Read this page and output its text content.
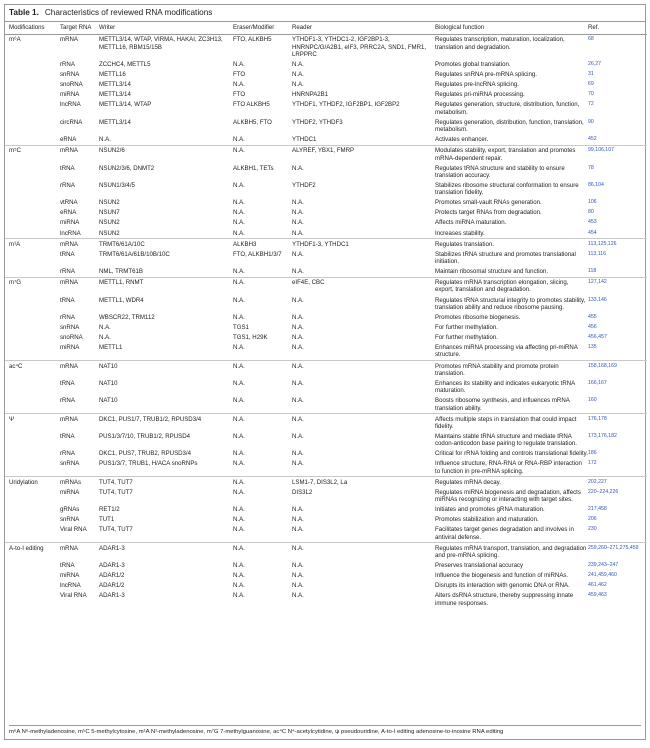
Table 1. Characteristics of reviewed RNA modifications
Modifications	Target RNA	Writer	Eraser/Modifier	Reader	Biological function	Ref.
m⁶A	mRNA	METTL3/14, WTAP, VIRMA, HAKAI, ZC3H13, METTL16, RBM15/15B	FTO, ALKBH5	YTHDF1-3, YTHDC1-2, IGF2BP1-3, HNRNPC/G/A2B1, eIF3, PRRC2A, SND1, FMR1, LRPPRC	Regulates transcription, maturation, localization, translation and degradation.	68
	rRNA	ZCCHC4, METTL5	N.A.	N.A.	Promotes global translation.	26,27
	snRNA	METTL16	FTO	N.A.	Regulates snRNA pre-mRNA splicing.	31
	snoRNA	METTL3/14	N.A.	N.A.	Regulates pre-lncRNA splicing.	69
	miRNA	METTL3/14	FTO	HNRNPA2B1	Regulates pri-miRNA processing.	70
	lncRNA	METTL3/14, WTAP	FTO ALKBH5	YTHDF1, YTHDF2, IGF2BP1, IGF2BP2	Regulates generation, structure, distribution, function, metabolism.	72
	circRNA	METTL3/14	ALKBH5, FTO	YTHDF2, YTHDF3	Regulates generation, distribution, function, translation, metabolism.	90
	eRNA	N.A.	N.A.	YTHDC1	Activates enhancer.	452
m⁵C	mRNA	NSUN2/6	N.A.	ALYREF, YBX1, FMRP	Modulates stability, export, translation and promotes mRNA-dependent repair.	99,106,107
	tRNA	NSUN2/3/6, DNMT2	ALKBH1, TETs	N.A.	Regulates tRNA structure and stability to ensure translation accuracy.	78
	rRNA	NSUN1/3/4/5	N.A.	YTHDF2	Stabilizes ribosome structural conformation to ensure translation fidelity.	86,104
	vtRNA	NSUN2	N.A.	N.A.	Promotes small-vault RNAs generation.	106
	eRNA	NSUN7	N.A.	N.A.	Protects target RNAs from degradation.	80
	miRNA	NSUN2	N.A.	N.A.	Affects miRNA maturation.	453
	lncRNA	NSUN2	N.A.	N.A.	Increases stability.	454
m¹A	mRNA	TRMT6/61A/10C	ALKBH3	YTHDF1-3, YTHDC1	Regulates translation.	113,125,126
	tRNA	TRMT6/61A/61B/10B/10C	FTO, ALKBH1/3/7	N.A.	Stabilizes tRNA structure and promotes translational initiation.	113,116
	rRNA	NML, TRMT61B	N.A.	N.A.	Maintain ribosomal structure and function.	118
m⁷G	mRNA	METTL1, RNMT	N.A.	eIF4E, CBC	Regulates mRNA transcription elongation, slicing, export, translation and degradation.	127,142
	tRNA	METTL1, WDR4	N.A.	N.A.	Regulates tRNA structural integrity to promotes stability, translation ability and reduce ribosome pausing.	133,146
	rRNA	WBSCR22, TRM112	N.A.	N.A.	Promotes ribosome biogenesis.	455
	snRNA	N.A.	TGS1	N.A.	For further methylation.	456
	snoRNA	N.A.	TGS1, H29K	N.A.	For further methylation.	456,457
	miRNA	METTL1	N.A.	N.A.	Enhances miRNA processing via affecting pri-miRNA structure.	135
ac⁴C	mRNA	NAT10	N.A.	N.A.	Promotes mRNA stability and promote protein translation.	158,168,169
	tRNA	NAT10	N.A.	N.A.	Enhances its stability and indicates eukaryotic tRNA maturation.	166,167
	rRNA	NAT10	N.A.	N.A.	Boosts ribosome synthesis, and influences mRNA translation ability.	160
Ψ	mRNA	DKC1, PUS1/7, TRUB1/2, RPUSD3/4	N.A.	N.A.	Affects multiple steps in translation that could impact fidelity.	176,178
	tRNA	PUS1/3/7/10, TRUB1/2, RPUSD4	N.A.	N.A.	Maintains stable tRNA structure and mediate tRNA codon-anticodon base pairing to regulate translation.	173,176,182
	rRNA	DKC1, PUS7, TRUB2, RPUSD3/4	N.A.	N.A.	Critical for rRNA folding and controls translational fidelity.	186
	snRNA	PUS1/3/7, TRUB1, H/ACA snoRNPs	N.A.	N.A.	Influence structure, RNA-RNA or RNA-RBP interaction to function in pre-mRNA splicing.	172
Uridylation	mRNAs	TUT4, TUT7	N.A.	LSM1-7, DIS3L2, La	Regulates mRNA decay.	202,227
	miRNA	TUT4, TUT7	N.A.	DIS3L2	Regulates miRNA biogenesis and degradation, affects miRNAs recognizing or interacting with target sites.	220–224,226
	gRNAs	RET1/2	N.A.	N.A.	Initiates and promotes gRNA maturation.	217,458
	snRNA	TUT1	N.A.	N.A.	Promotes stabilization and maturation.	206
	Viral RNA	TUT4, TUT7	N.A.	N.A.	Facilitates target genes degradation and involves in antiviral defense.	230
A-to-I editing	mRNA	ADAR1-3	N.A.	N.A.	Regulates mRNA transport, translation, and degradation and pre-mRNA splicing.	259,260–271,275,459
	tRNA	ADAR1-3	N.A.	N.A.	Preserves translational accuracy	239,243–247
	miRNA	ADAR1/2	N.A.	N.A.	Influence the biogenesis and function of miRNAs.	241,459,460
	lncRNA	ADAR1/2	N.A.	N.A.	Disrupts its interaction with genomic DNA or RNA.	461,462
	Viral RNA	ADAR1-3	N.A.	N.A.	Alters dsRNA structure, thereby suppressing innate immune responses.	459,463
m⁶A N⁶-methyladenosine, m⁵C 5-methylcytosine, m¹A N¹-methyladenosine, m⁷G 7-methylguanosine, ac⁴C N⁴-acetylcytidine, ψ pseudouridine, A-to-I editing adenosine-to-inosine RNA editing
